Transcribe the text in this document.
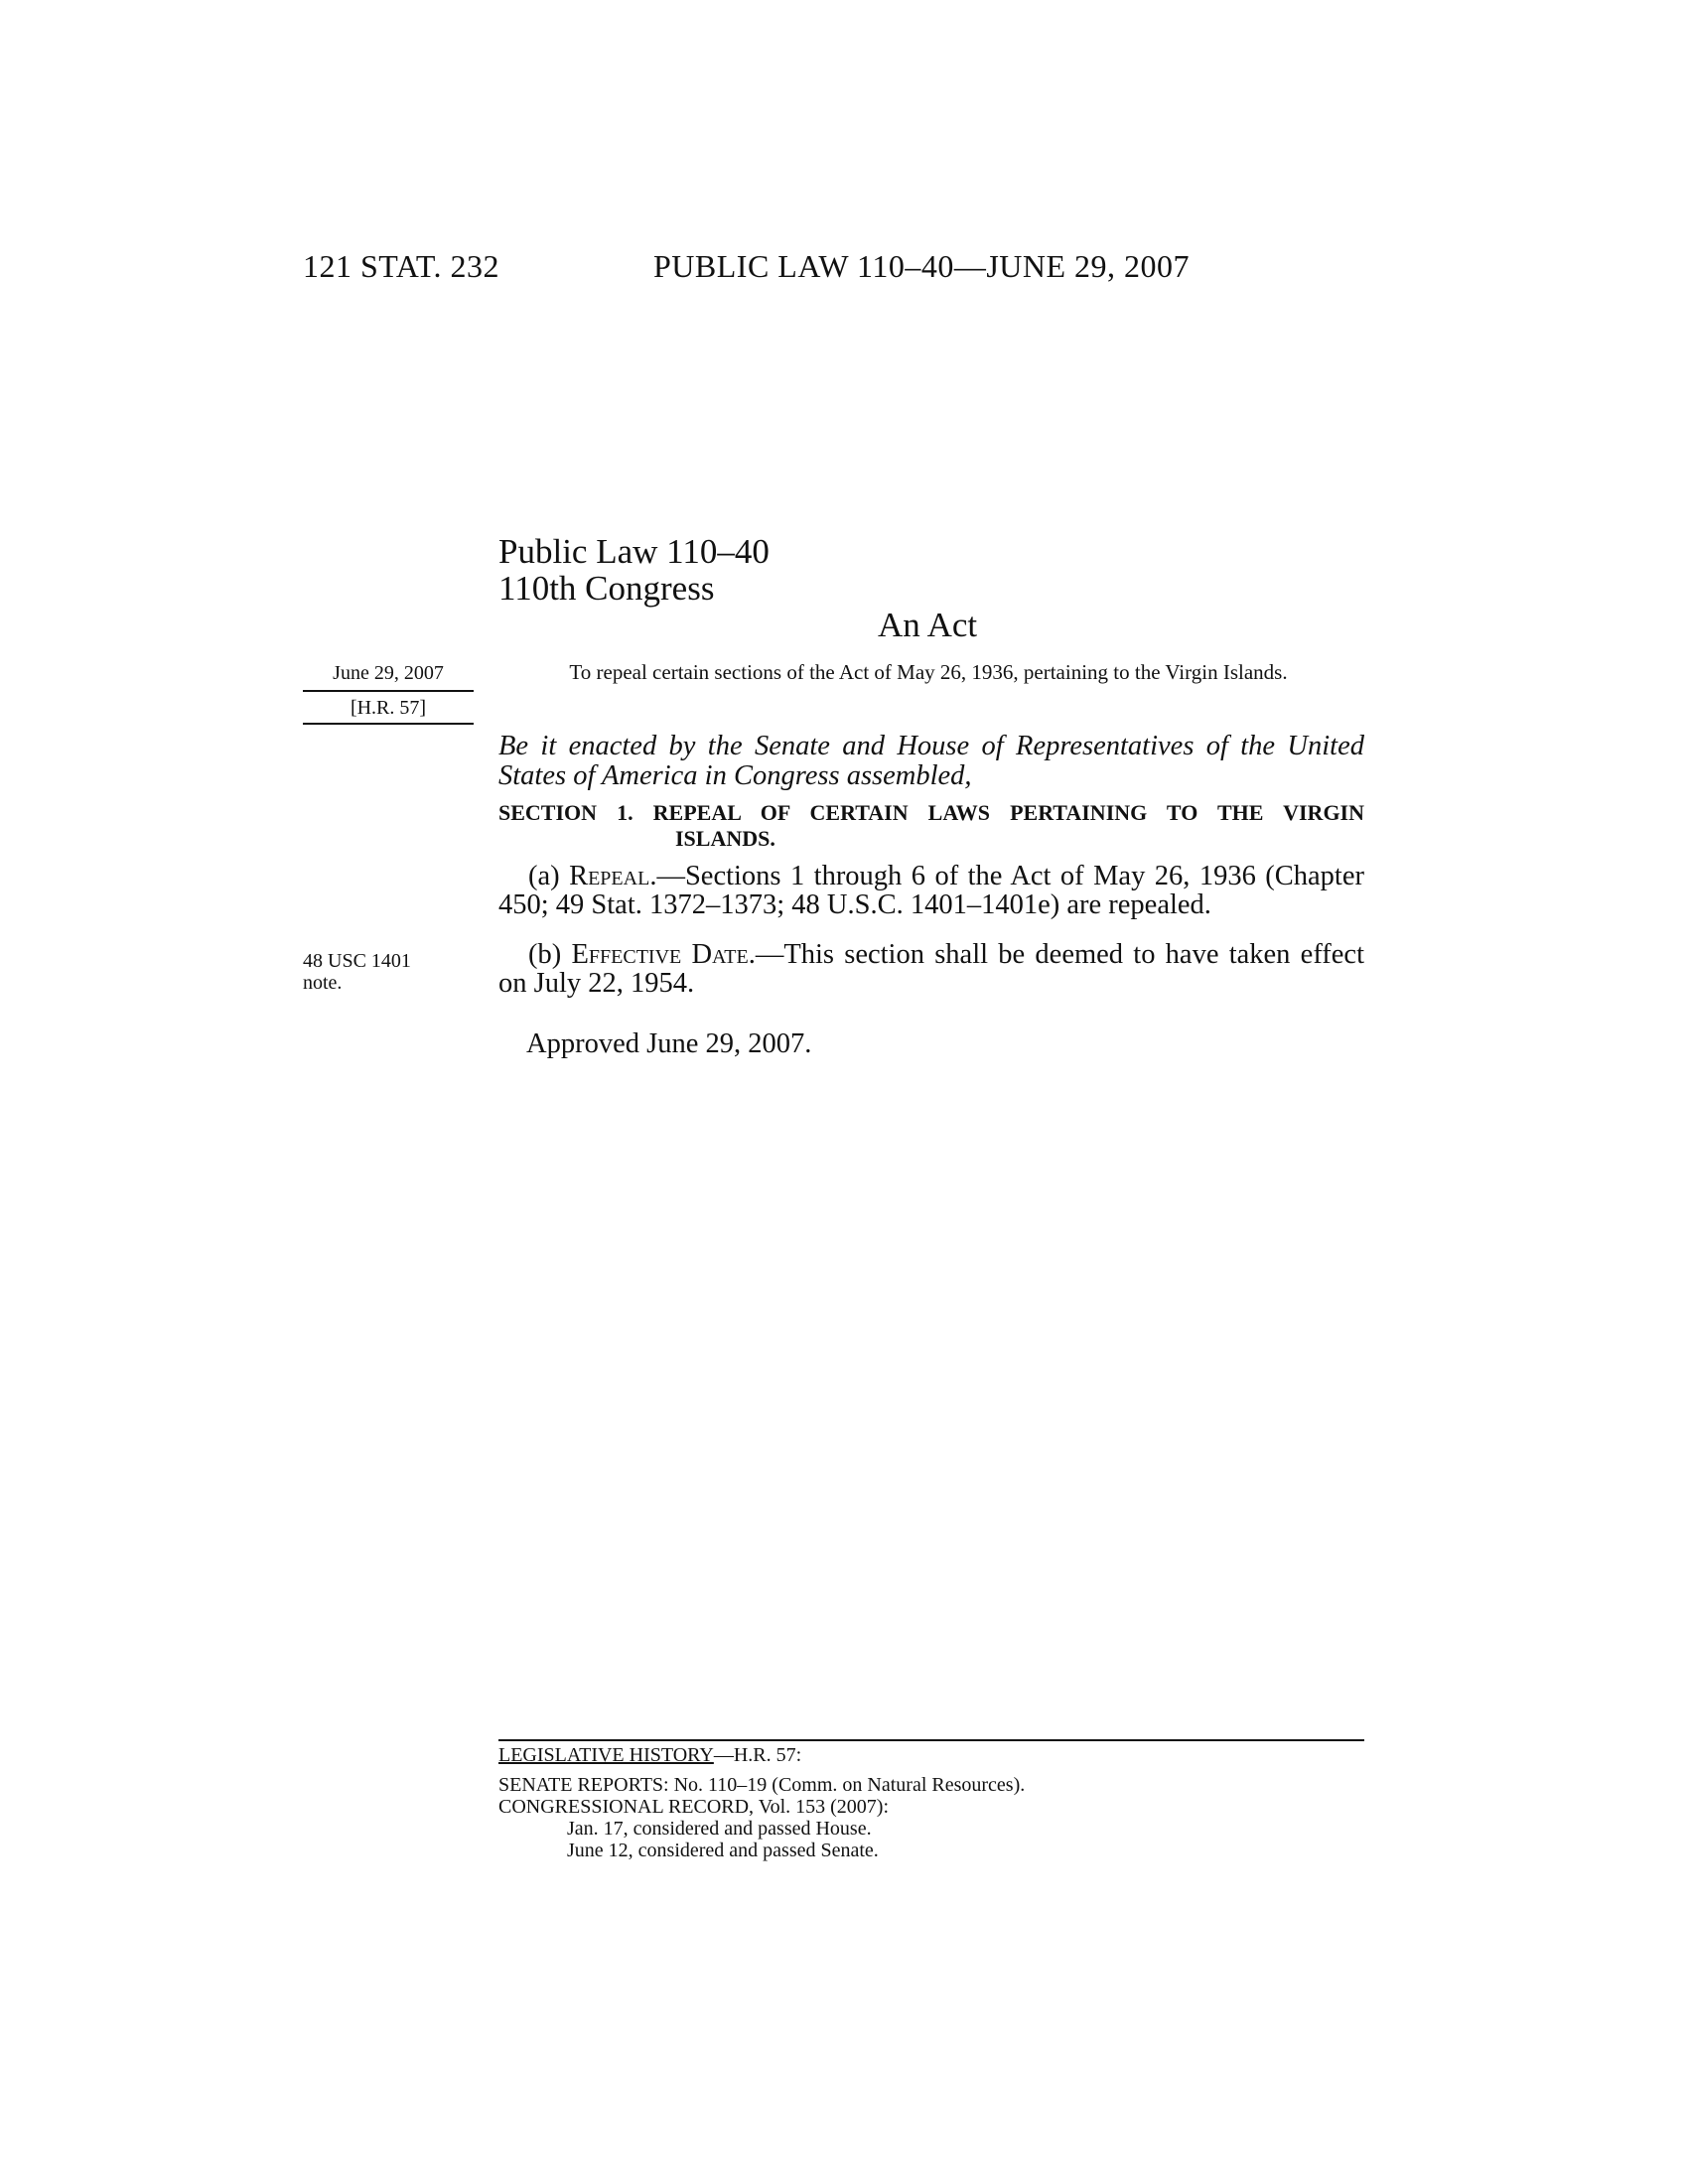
121 STAT. 232	PUBLIC LAW 110–40—JUNE 29, 2007
Public Law 110–40
110th Congress
An Act
June 29, 2007
[H.R. 57]
To repeal certain sections of the Act of May 26, 1936, pertaining to the Virgin Islands.
Be it enacted by the Senate and House of Representatives of the United States of America in Congress assembled,
SECTION 1. REPEAL OF CERTAIN LAWS PERTAINING TO THE VIRGIN
ISLANDS.

(a) Repeal.—Sections 1 through 6 of the Act of May 26, 1936 (Chapter 450; 49 Stat. 1372–1373; 48 U.S.C. 1401–1401e) are repealed.

(b) Effective Date.—This section shall be deemed to have taken effect on July 22, 1954.

48 USC 1401
note.
Approved June 29, 2007.
LEGISLATIVE HISTORY—H.R. 57:
SENATE REPORTS: No. 110–19 (Comm. on Natural Resources).
CONGRESSIONAL RECORD, Vol. 153 (2007):
Jan. 17, considered and passed House.
June 12, considered and passed Senate.
